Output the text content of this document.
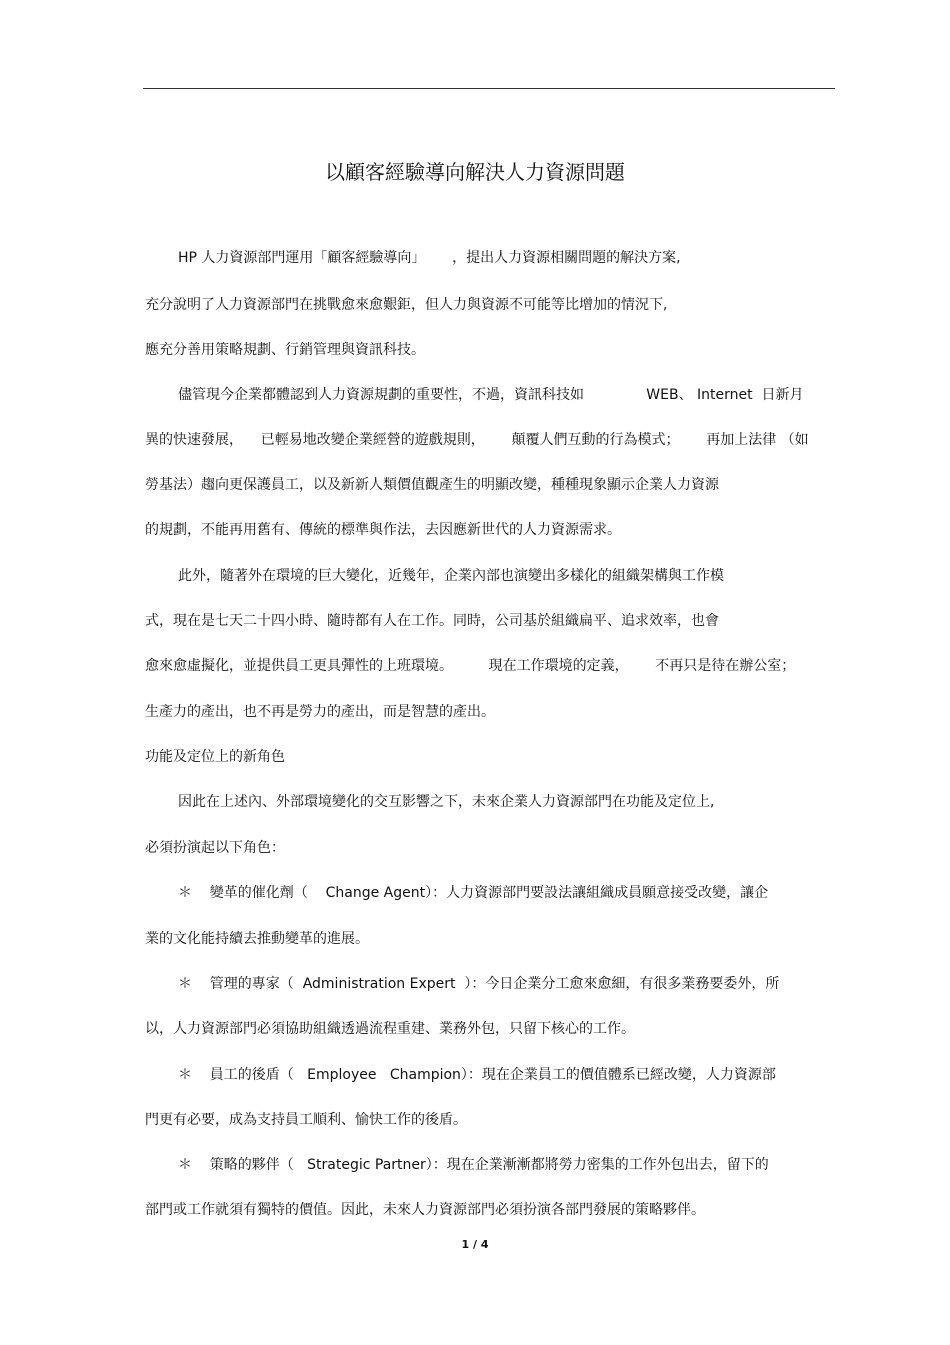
以顧客經驗導向解決人力資源問題

HP 人力資源部門運用「顧客經驗導向」      ，提出人力資源相關問題的解決方案,

充分說明了人力資源部門在挑戰愈來愈艱鉅，但人力與資源不可能等比增加的情況下,

應充分善用策略規劃、行銷管理與資訊科技。

儘管現今企業都體認到人力資源規劃的重要性，不過，資訊科技如              WEB、 Internet  日新月

異的快速發展，    已輕易地改變企業經營的遊戲規則，      顛覆人們互動的行為模式；      再加上法律 （如

勞基法）趨向更保護員工，以及新新人類價值觀產生的明顯改變，種種現象顯示企業人力資源

的規劃，不能再用舊有、傳統的標準與作法，去因應新世代的人力資源需求。

此外，隨著外在環境的巨大變化，近幾年，企業內部也演變出多樣化的組織架構與工作模

式，現在是七天二十四小時、隨時都有人在工作。同時，公司基於組織扁平、追求效率，也會

愈來愈虛擬化，並提供員工更具彈性的上班環境。        現在工作環境的定義，      不再只是待在辦公室；

生產力的產出，也不再是勞力的產出，而是智慧的產出。

功能及定位上的新角色

因此在上述內、外部環境變化的交互影響之下，未來企業人力資源部門在功能及定位上,

必須扮演起以下角色：

＊    變革的催化劑（    Change Agent）：人力資源部門要設法讓組織成員願意接受改變，讓企

業的文化能持續去推動變革的進展。

＊    管理的專家（  Administration Expert  ）：今日企業分工愈來愈細，有很多業務要委外，所

以，人力資源部門必須協助組織透過流程重建、業務外包，只留下核心的工作。

＊    員工的後盾（   Employee   Champion）：現在企業員工的價值體系已經改變，人力資源部

門更有必要，成為支持員工順利、愉快工作的後盾。

＊    策略的夥伴（   Strategic Partner）：現在企業漸漸都將勞力密集的工作外包出去，留下的

部門或工作就須有獨特的價值。因此，未來人力資源部門必須扮演各部門發展的策略夥伴。

1 / 4
